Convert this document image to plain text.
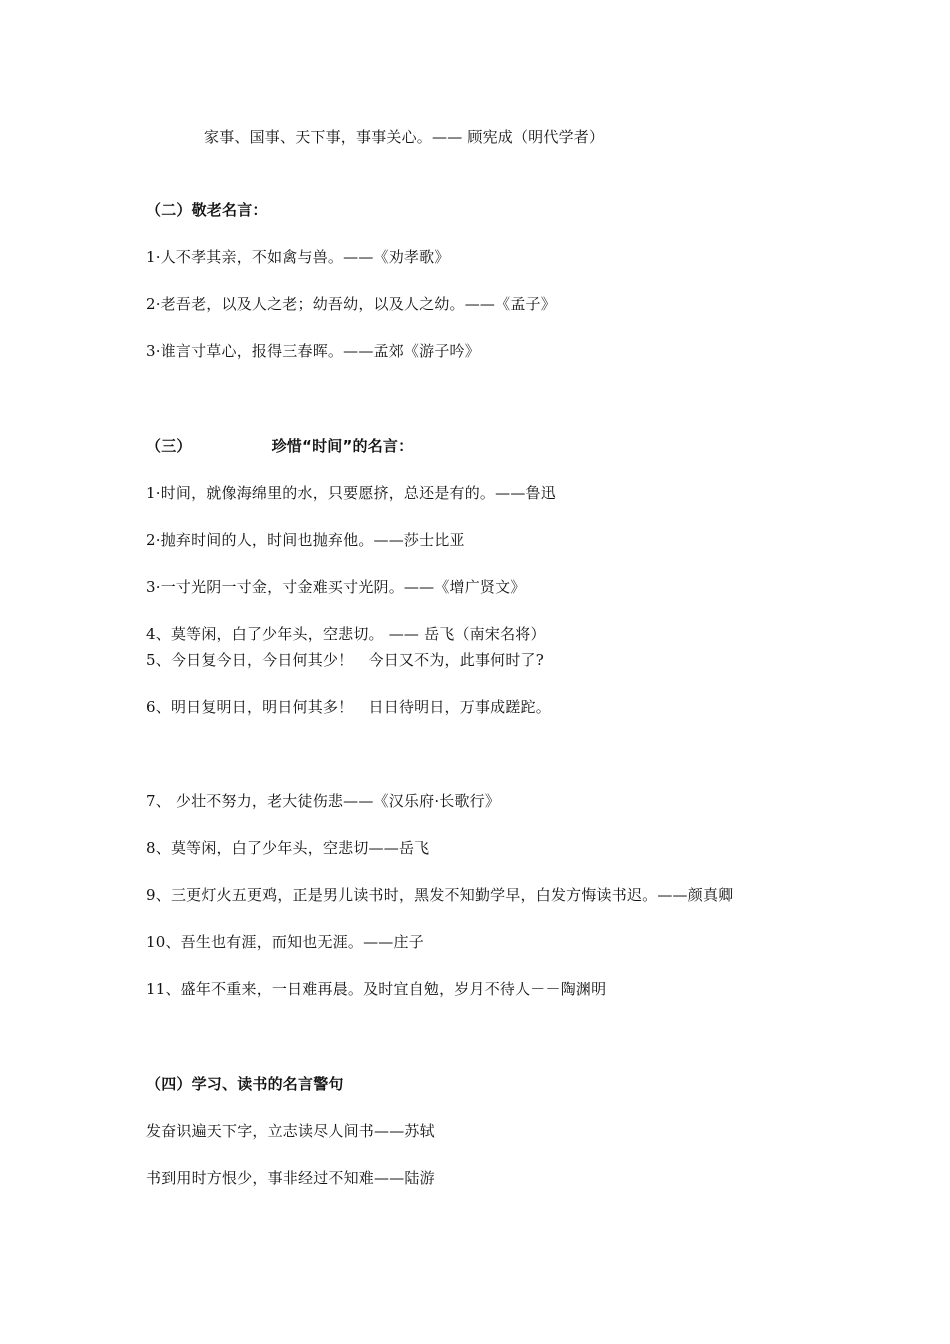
家事、国事、天下事，事事关心。—— 顾宪成（明代学者）
（二）敬老名言：
1·人不孝其亲，不如禽与兽。——《劝孝歌》
2·老吾老，以及人之老；幼吾幼，以及人之幼。——《孟子》
3·谁言寸草心，报得三春晖。——孟郊《游子吟》
（三）	珍惜“时间”的名言：
1·时间，就像海绵里的水，只要愿挤，总还是有的。——鲁迅
2·抛弃时间的人，时间也抛弃他。——莎士比亚
3·一寸光阴一寸金，寸金难买寸光阴。——《增广贤文》
4、莫等闲，白了少年头，空悲切。 —— 岳飞（南宋名将）
5、今日复今日，今日何其少！　今日又不为，此事何时了?
6、明日复明日，明日何其多！　日日待明日，万事成蹉跎。
7、 少壮不努力，老大徒伤悲——《汉乐府·长歌行》
8、莫等闲，白了少年头，空悲切——岳飞
9、三更灯火五更鸡，正是男儿读书时，黑发不知勤学早，白发方悔读书迟。——颜真卿
10、吾生也有涯，而知也无涯。——庄子
11、盛年不重来，一日难再晨。及时宜自勉，岁月不待人－－陶渊明
（四）学习、读书的名言警句
发奋识遍天下字，立志读尽人间书——苏轼
书到用时方恨少，事非经过不知难——陆游
